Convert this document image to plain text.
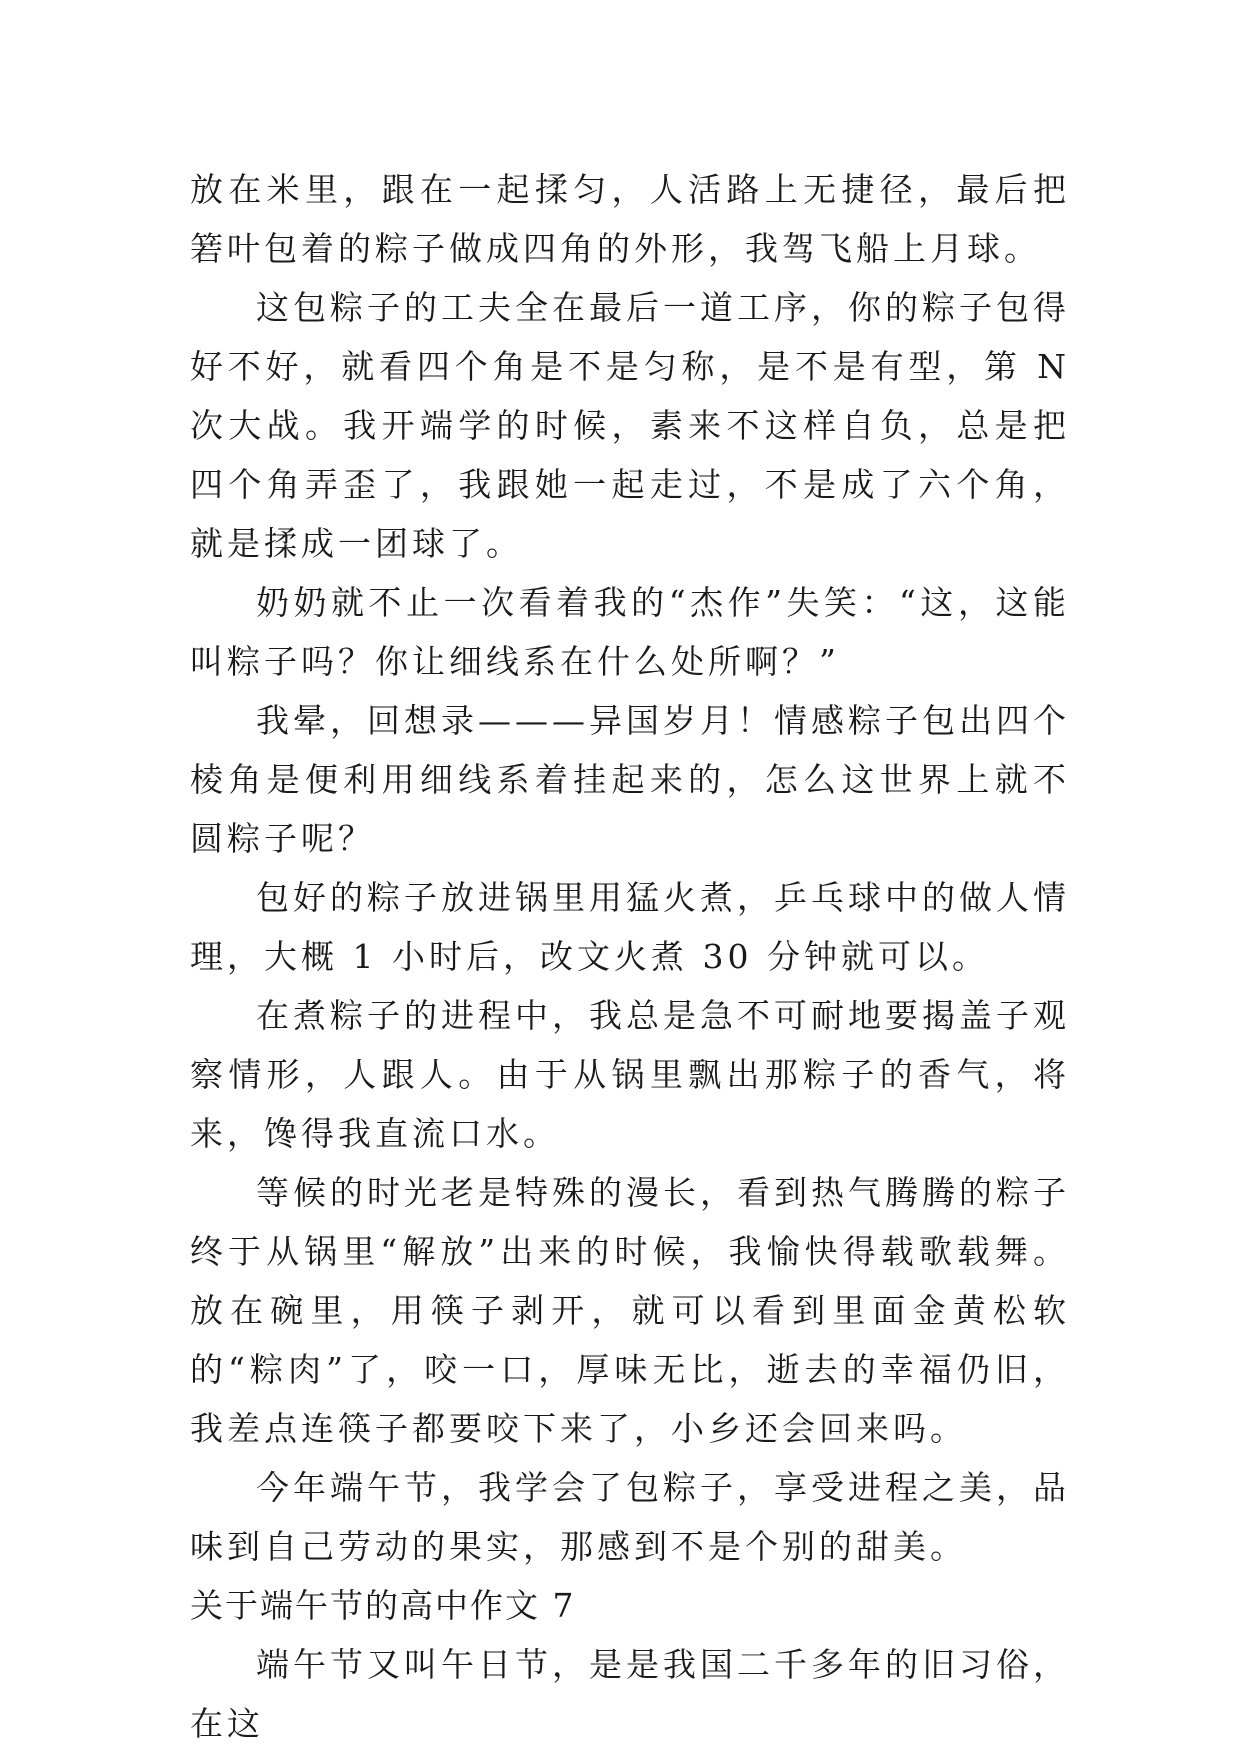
放在米里，跟在一起揉匀，人活路上无捷径，最后把箬叶包着的粽子做成四角的外形，我驾飞船上月球。

这包粽子的工夫全在最后一道工序，你的粽子包得好不好，就看四个角是不是匀称，是不是有型，第 N 次大战。我开端学的时候，素来不这样自负，总是把四个角弄歪了，我跟她一起走过，不是成了六个角，就是揉成一团球了。

奶奶就不止一次看着我的“杰作”失笑：“这，这能叫粽子吗？你让细线系在什么处所啊？”

我晕，回想录———异国岁月！情感粽子包出四个棱角是便利用细线系着挂起来的，怎么这世界上就不圆粽子呢？

包好的粽子放进锅里用猛火煮，乒乓球中的做人情理，大概 1 小时后，改文火煮 30 分钟就可以。

在煮粽子的进程中，我总是急不可耐地要揭盖子观察情形，人跟人。由于从锅里飘出那粽子的香气，将来，馋得我直流口水。

等候的时光老是特殊的漫长，看到热气腾腾的粽子终于从锅里“解放”出来的时候，我愉快得载歌载舞。放在碗里，用筷子剥开，就可以看到里面金黄松软的“粽肉”了，咬一口，厚味无比，逝去的幸福仍旧，我差点连筷子都要咬下来了，小乡还会回来吗。

今年端午节，我学会了包粽子，享受进程之美，品味到自己劳动的果实，那感到不是个别的甜美。

关于端午节的高中作文 7

端午节又叫午日节，是是我国二千多年的旧习俗，在这
